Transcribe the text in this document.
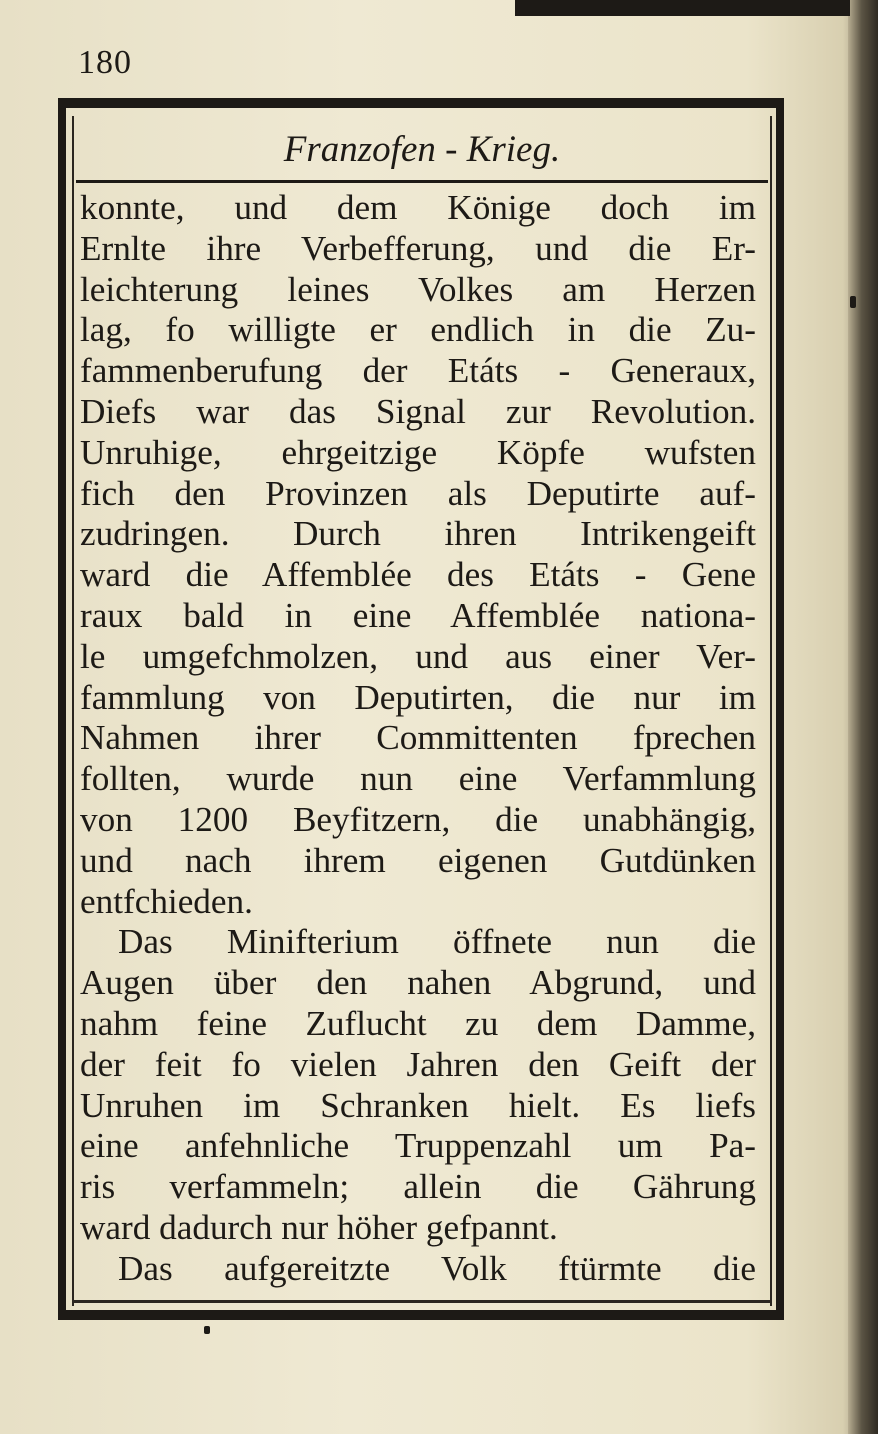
180
Franzofen - Krieg.
konnte, und dem Könige doch im
Ernlte ihre Verbefferung, und die Er-
leichterung leines Volkes am Herzen
lag, fo willigte er endlich in die Zu-
fammenberufung der Etáts - Generaux,
Diefs war das Signal zur Revolution.
Unruhige, ehrgeitzige Köpfe wufsten
fich den Provinzen als Deputirte auf-
zudringen. Durch ihren Intrikengeift
ward die Affemblée des Etáts - Gene
raux bald in eine Affemblée nationa-
le umgefchmolzen, und aus einer Ver-
fammlung von Deputirten, die nur im
Nahmen ihrer Committenten fprechen
follten, wurde nun eine Verfammlung
von 1200 Beyfitzern, die unabhängig,
und nach ihrem eigenen Gutdünken
entfchieden.
Das Minifterium öffnete nun die
Augen über den nahen Abgrund, und
nahm feine Zuflucht zu dem Damme,
der feit fo vielen Jahren den Geift der
Unruhen im Schranken hielt. Es liefs
eine anfehnliche Truppenzahl um Pa-
ris verfammeln; allein die Gährung
ward dadurch nur höher gefpannt.
Das aufgereitzte Volk ftürmte die
